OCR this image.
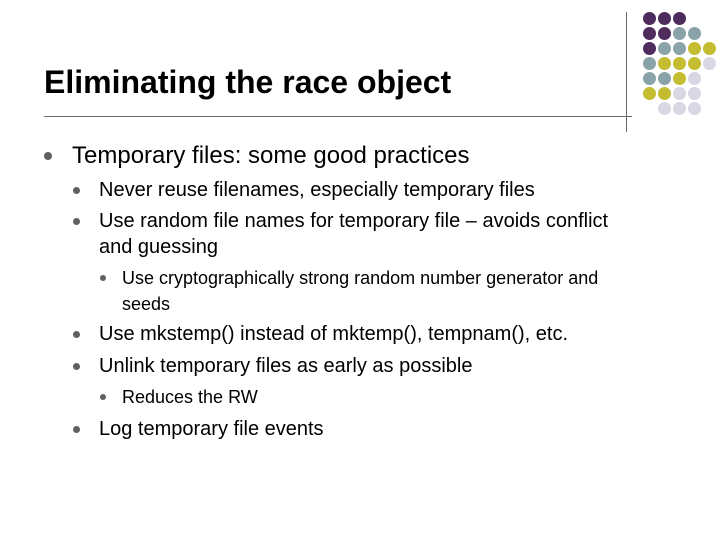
Eliminating the race object
Temporary files: some good practices
Never reuse filenames, especially temporary files
Use random file names for temporary file – avoids conflict
and guessing
Use cryptographically strong random number generator and
seeds
Use mkstemp() instead of mktemp(), tempnam(), etc.
Unlink temporary files as early as possible
Reduces the RW
Log temporary file events
